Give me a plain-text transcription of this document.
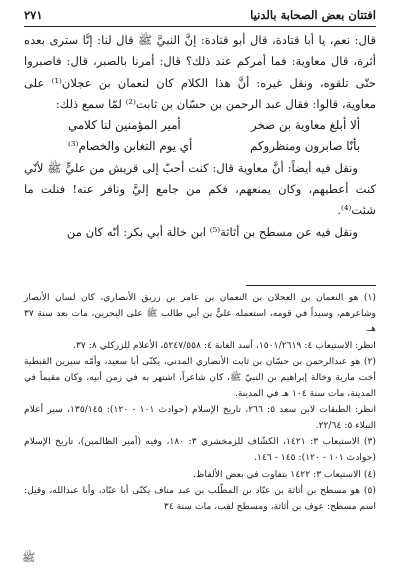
افتتان بعض الصحابة بالدنيا
٢٧١

قال: نعم، يا أبا قتادة، قال أبو قتادة: إنَّ النبيَّ ﷺ قال لنا: إنَّا سترى بعده أثرة، قال معاوية: فما أمركم عند ذلك؟ قال: أمرنا بالصبر، قال: فاصبروا حتّى تلقوه، ونقل غيره: أنَّ هذا الكلام كان لنعمان بن عجلان⁽¹⁾ على معاوية، قالوا: فقال عبد الرحمن بن حسّان بن ثابت⁽²⁾ لمّا سمع ذلك:

ألا أبلغ معاوية بن صخر
أمير المؤمنين لنا كلامي
بأنّا صابرون ومنظروكم
أي يوم التغابن والخصام⁽³⁾

ونقل فيه أيضاً: أنَّ معاوية قال: كنت أحبّ إلى قريش من عليٍّ ﷺ لأنّي كنت أعطيهم، وكان يمنعهم، فكم من جامع إليَّ ونافر عنه! فنلت ما شئت⁽⁴⁾.

ونقل فيه عن مسطح بن أثاثة⁽⁵⁾ ابن خالة أبي بكر: أنّه كان من

(١) هو النعمان بن العجلان بن النعمان بن عامر بن زريق الأنصاري، كان لسان الأنصار وشاعرهم، وسيداً في قومه، استعمله عليٌّ بن أبي طالب ﷺ على البحرين، مات بعد سنة ٣٧ هـ.

انظر: الاستيعاب ٤: ١٥٠١/٢٦١٩، أسد الغابة ٤: ٥٢٤٧/٥٥٨، الأعلام للزركلي ٨: ٣٧.

(٢) هو عبدالرحمن بن حسّان بن ثابت الأنصاري المدني، يكنّى أبا سعيد، وأمّه سيرين القبطية أخت مارية وخالة إبراهيم بن النبيّ ﷺ، كان شاعراً، اشتهر به في زمن أبيه، وكان مقيماً في المدينة، مات سنة ١٠٤ هـ في المدينة.

انظر: الطبقات لابن سعد ٥: ٢٦٦، تاريخ الإسلام (حوادث ١٠١ - ١٢٠): ١٣٥/١٤٥، سير أعلام النبلاء ٥: ٢٢/٦٤.

(٣) الاستيعاب ٣: ١٤٢١، الكشّاف للزمخشري ٣: ١٨٠، وفيه (أمير الظالمين)، تاريخ الإسلام (حوادث ١٠١ - ١٢٠): ١٤٥ - ١٤٦.

(٤) الاستيعاب ٣: ١٤٢٢ بتفاوت في بعض الألفاظ.

(٥) هو مسطح بن أثاثة بن عبّاد بن المطّلب بن عبد مناف يكنّى أبا عبّاد، وأبا عبدالله، وقيل: اسم مسطح: عوف بن أثاثة، ومسطح لقب، مات سنة ٣٤

ﷺ
